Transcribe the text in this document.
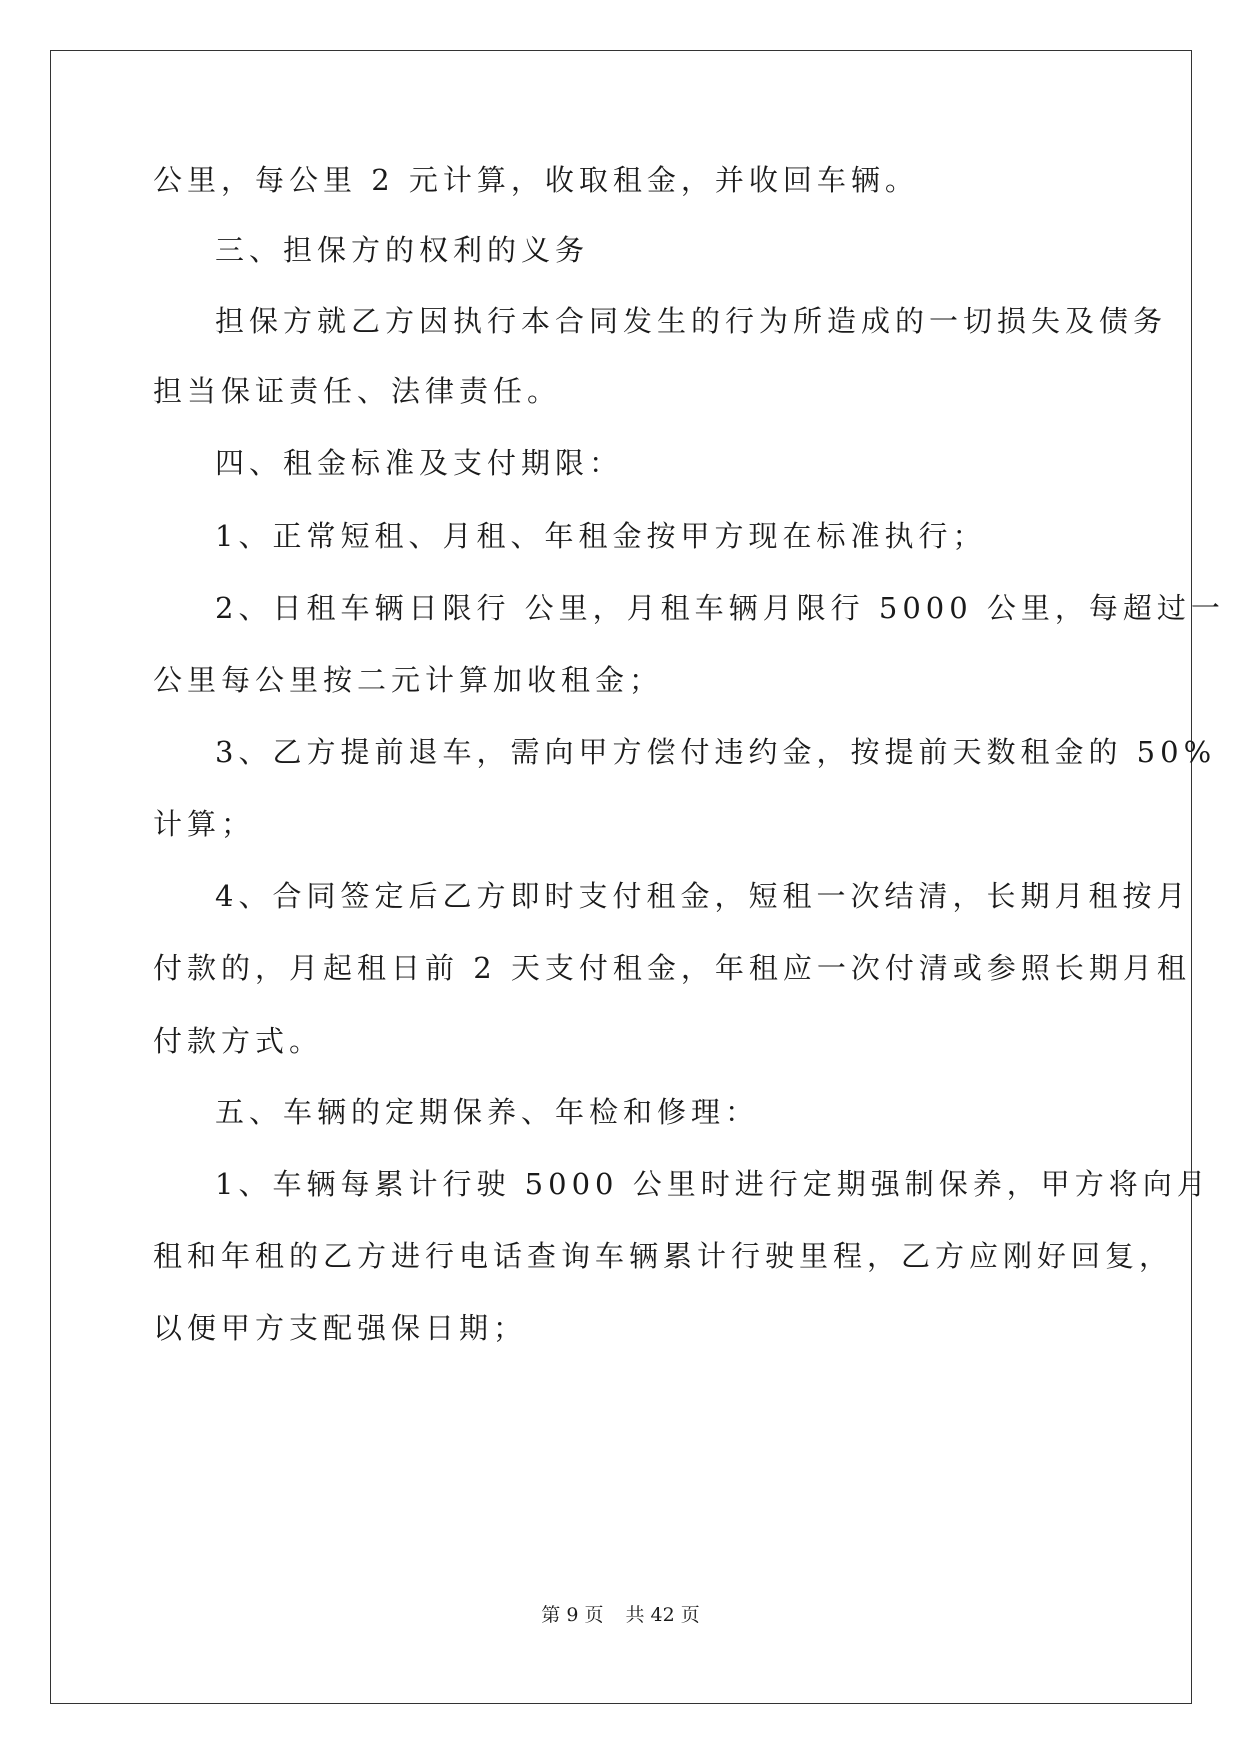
公里，每公里 2 元计算，收取租金，并收回车辆。
三、担保方的权利的义务
担保方就乙方因执行本合同发生的行为所造成的一切损失及债务
担当保证责任、法律责任。
四、租金标准及支付期限：
1、正常短租、月租、年租金按甲方现在标准执行；
2、日租车辆日限行 公里，月租车辆月限行 5000 公里，每超过一
公里每公里按二元计算加收租金；
3、乙方提前退车，需向甲方偿付违约金，按提前天数租金的 50%
计算；
4、合同签定后乙方即时支付租金，短租一次结清，长期月租按月
付款的，月起租日前 2 天支付租金，年租应一次付清或参照长期月租
付款方式。
五、车辆的定期保养、年检和修理：
1、车辆每累计行驶 5000 公里时进行定期强制保养，甲方将向月
租和年租的乙方进行电话查询车辆累计行驶里程，乙方应刚好回复，
以便甲方支配强保日期；
第 9 页 共 42 页
